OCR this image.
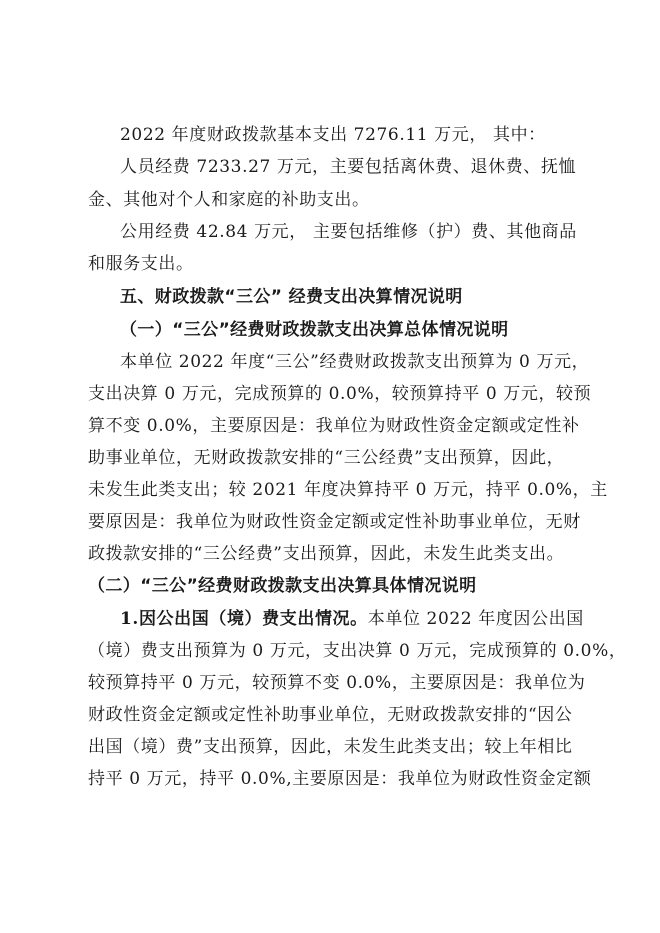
2022 年度财政拨款基本支出 7276.11 万元， 其中：
人员经费 7233.27 万元，主要包括离休费、退休费、抚恤
金、其他对个人和家庭的补助支出。
公用经费 42.84 万元， 主要包括维修（护）费、其他商品
和服务支出。
五、财政拨款“三公” 经费支出决算情况说明
（一）“三公”经费财政拨款支出决算总体情况说明
本单位 2022 年度“三公”经费财政拨款支出预算为 0 万元，
支出决算 0 万元，完成预算的 0.0%，较预算持平 0 万元，较预
算不变 0.0%，主要原因是：我单位为财政性资金定额或定性补
助事业单位，无财政拨款安排的“三公经费”支出预算，因此，
未发生此类支出；较 2021 年度决算持平 0 万元，持平 0.0%，主
要原因是：我单位为财政性资金定额或定性补助事业单位，无财
政拨款安排的“三公经费”支出预算，因此，未发生此类支出。
（二）“三公”经费财政拨款支出决算具体情况说明
1.因公出国（境）费支出情况。本单位 2022 年度因公出国
（境）费支出预算为 0 万元，支出决算 0 万元，完成预算的 0.0%，
较预算持平 0 万元，较预算不变 0.0%，主要原因是：我单位为
财政性资金定额或定性补助事业单位，无财政拨款安排的“因公
出国（境）费”支出预算，因此，未发生此类支出；较上年相比
持平 0 万元，持平 0.0%,主要原因是：我单位为财政性资金定额
